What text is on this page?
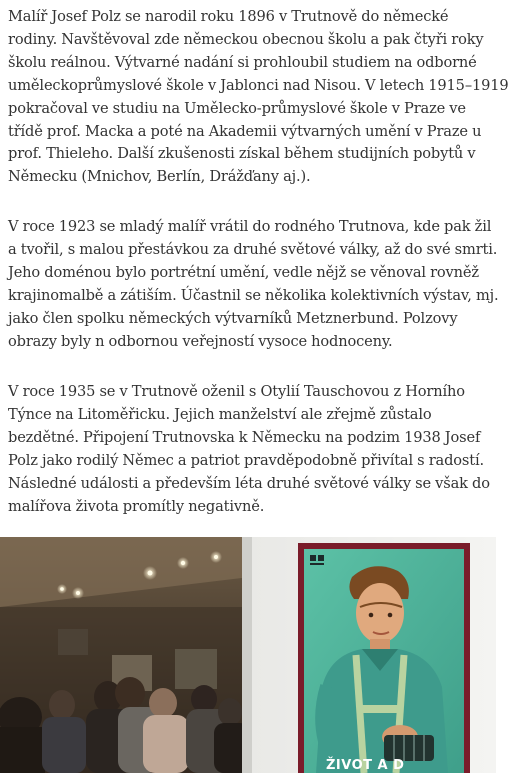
Malíř Josef Polz se narodil roku 1896 v Trutnově do německé
rodiny. Navštěvoval zde německou obecnou školu a pak čtyři roky
školu reálnou. Výtvarné nadání si prohloubil studiem na odborné
uměleckoprůmyslové škole v Jablonci nad Nisou. V letech 1915–1919
pokračoval ve studiu na Umělecko-průmyslové škole v Praze ve
třídě prof. Macka a poté na Akademii výtvarných umění v Praze u
prof. Thieleho. Další zkušenosti získal během studijních pobytů v
Německu (Mnichov, Berlín, Drážďany aj.).

V roce 1923 se mladý malíř vrátil do rodného Trutnova, kde pak žil
a tvořil, s malou přestávkou za druhé světové války, až do své smrti.
Jeho doménou bylo portrétní umění, vedle nějž se věnoval rovněž
krajinomalbě a zátiším. Účastnil se několika kolektivních výstav, mj.
jako člen spolku německých výtvarníků Metznerbund. Polzovy
obrazy byly n odbornou veřejností vysoce hodnoceny.

V roce 1935 se v Trutnově oženil s Otylií Tauschovou z Horního
Týnce na Litoměřicku. Jejich manželství ale zřejmě zůstalo
bezdětné. Připojení Trutnovska k Německu na podzim 1938 Josef
Polz jako rodilý Němec a patriot pravděpodobně přivítal s radostí.
Následné události a především léta druhé světové války se však do
malířova života promítly negativně.

ŽIVOT A D
